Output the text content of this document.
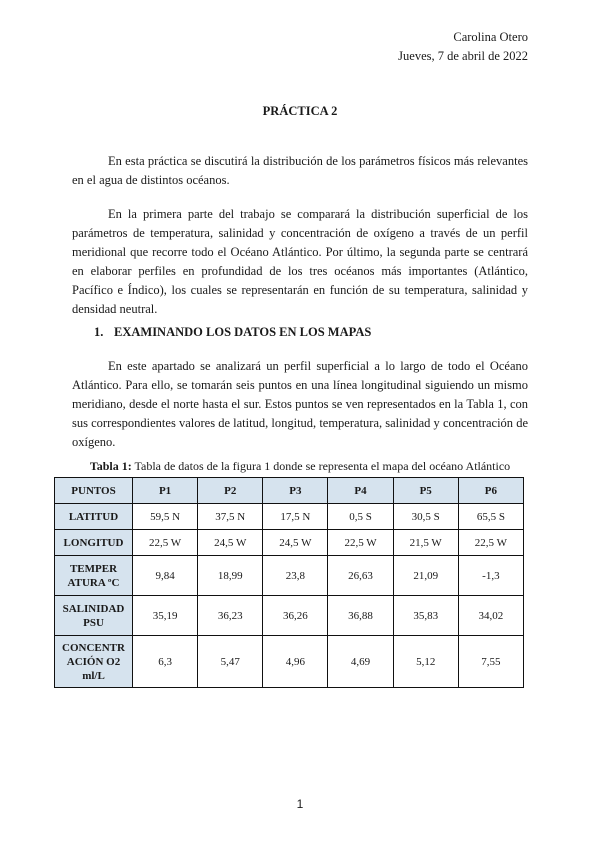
Carolina Otero
Jueves, 7 de abril de 2022
PRÁCTICA 2
En esta práctica se discutirá la distribución de los parámetros físicos más relevantes en el agua de distintos océanos.
En la primera parte del trabajo se comparará la distribución superficial de los parámetros de temperatura, salinidad y concentración de oxígeno a través de un perfil meridional que recorre todo el Océano Atlántico. Por último, la segunda parte se centrará en elaborar perfiles en profundidad de los tres océanos más importantes (Atlántico, Pacífico e Índico), los cuales se representarán en función de su temperatura, salinidad y densidad neutral.
1. EXAMINANDO LOS DATOS EN LOS MAPAS
En este apartado se analizará un perfil superficial a lo largo de todo el Océano Atlántico. Para ello, se tomarán seis puntos en una línea longitudinal siguiendo un mismo meridiano, desde el norte hasta el sur. Estos puntos se ven representados en la Tabla 1, con sus correspondientes valores de latitud, longitud, temperatura, salinidad y concentración de oxígeno.
Tabla 1: Tabla de datos de la figura 1 donde se representa el mapa del océano Atlántico
PUNTOS	P1	P2	P3	P4	P5	P6
LATITUD	59,5 N	37,5 N	17,5 N	0,5 S	30,5 S	65,5 S
LONGITUD	22,5 W	24,5 W	24,5 W	22,5 W	21,5 W	22,5 W
TEMPER ATURA ºC	9,84	18,99	23,8	26,63	21,09	-1,3
SALINIDAD PSU	35,19	36,23	36,26	36,88	35,83	34,02
CONCENTR ACIÓN O2 ml/L	6,3	5,47	4,96	4,69	5,12	7,55
1
